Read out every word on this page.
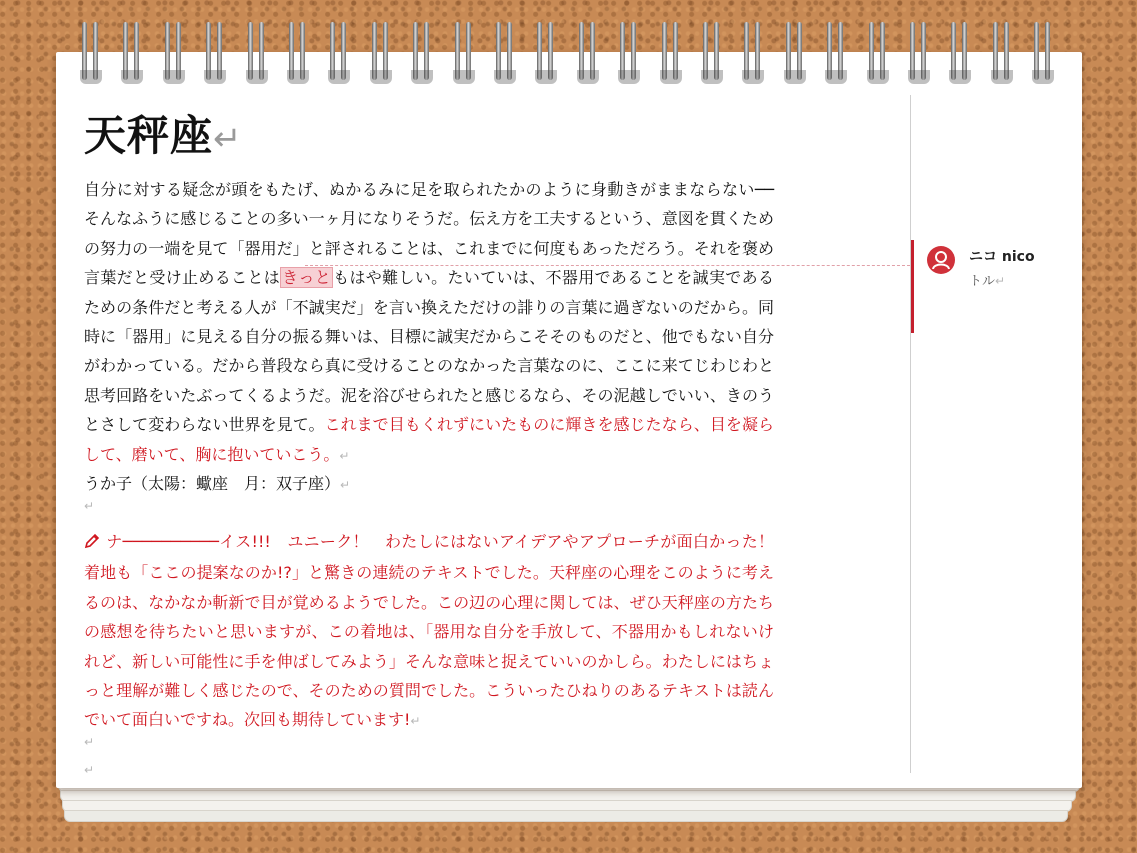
天秤座↵
自分に対する疑念が頭をもたげ、ぬかるみに足を取られたかのように身動きがままならない──そんなふうに感じることの多い一ヶ月になりそうだ。伝え方を工夫するという、意図を貫くための努力の一端を見て「器用だ」と評されることは、これまでに何度もあっただろう。それを褒め言葉だと受け止めることは きっと もはや難しい。たいていは、不器用であることを誠実であるための条件だと考える人が「不誠実だ」を言い換えただけの誹りの言葉に過ぎないのだから。同時に「器用」に見える自分の振る舞いは、目標に誠実だからこそそのものだと、他でもない自分がわかっている。だから普段なら真に受けることのなかった言葉なのに、ここに来てじわじわと思考回路をいたぶってくるようだ。泥を浴びせられたと感じるなら、その泥越しでいい、きのうとさして変わらない世界を見て。これまで目もくれずにいたものに輝きを感じたなら、目を凝らして、磨いて、胸に抱いていこう。↵
うか子（太陽：蠍座　月：双子座）↵
↵
ナ──────────イス!!!　ユニーク！　わたしにはないアイデアやアプローチが面白かった！　着地も「ここの提案なのか!?」と驚きの連続のテキストでした。天秤座の心理をこのように考えるのは、なかなか斬新で目が覚めるようでした。この辺の心理に関しては、ぜひ天秤座の方たちの感想を待ちたいと思いますが、この着地は、「器用な自分を手放して、不器用かもしれないけれど、新しい可能性に手を伸ばしてみよう」そんな意味と捉えていいのかしら。わたしにはちょっと理解が難しく感じたので、そのための質問でした。こういったひねりのあるテキストは読んでいて面白いですね。次回も期待しています!↵
↵
↵
ニコ nico
トル↵
